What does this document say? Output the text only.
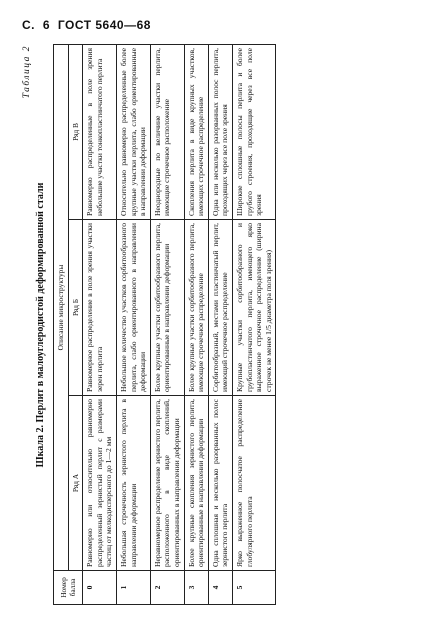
С. 6 ГОСТ 5640—68
Таблица 2
Шкала 2. Перлит в малоуглеродистой деформированной стали
Номер балла	Описание микроструктуры		
	Ряд А	Ряд Б	Ряд В
0	Равномерно или относительно равномерно распределенный зернистый перлит с размерами частиц от мелкодисперсного до 1—2 мм	Равномерное распределение в поле зрения участки зерен перлита	Равномерно распределенные в поле зрения небольшие участки тонкопластинчатого перлита
1	Небольшая строчечность зернистого перлита в направлении деформации	Небольшое количество участков сорбитообразного перлита, слабо ориентированного в направлении деформации	Относительно равномерно распределенные более крупные участки перлита, слабо ориентированные в направлении деформации
2	Неравномерное распределение зернистого перлита, расположенного в виде скоплений, ориентированных в направлении деформации	Более крупные участки сорбитообразного перлита, ориентированные в направлении деформации	Неоднородные по величине участки перлита, имеющие строчечное расположение
3	Более крупные скопления зернистого перлита, ориентированные в направлении деформации	Более крупные участки сорбитообразного перлита, имеющие строчечное распределение	Скопления перлита в виде крупных участков, имеющих строчечное распределение
4	Одна сплошная и несколько разорванных полос зернистого перлита	Сорбитообразный, местами пластинчатый перлит, имеющий строчечное распределение	Одна или несколько разорванных полос перлита, проходящих через все поле зрения
5	Ярко выраженное полосчатое распределение глобулярного перлита	Крупные участки сорбитообразного и грубопластинчатого перлита, имеющего ярко выраженное строчечное распределение (ширина строчек не менее 1/5 диаметра поля зрения)	Широкие сплошные полосы перлита и более грубого строения, проходящие через все поле зрения
